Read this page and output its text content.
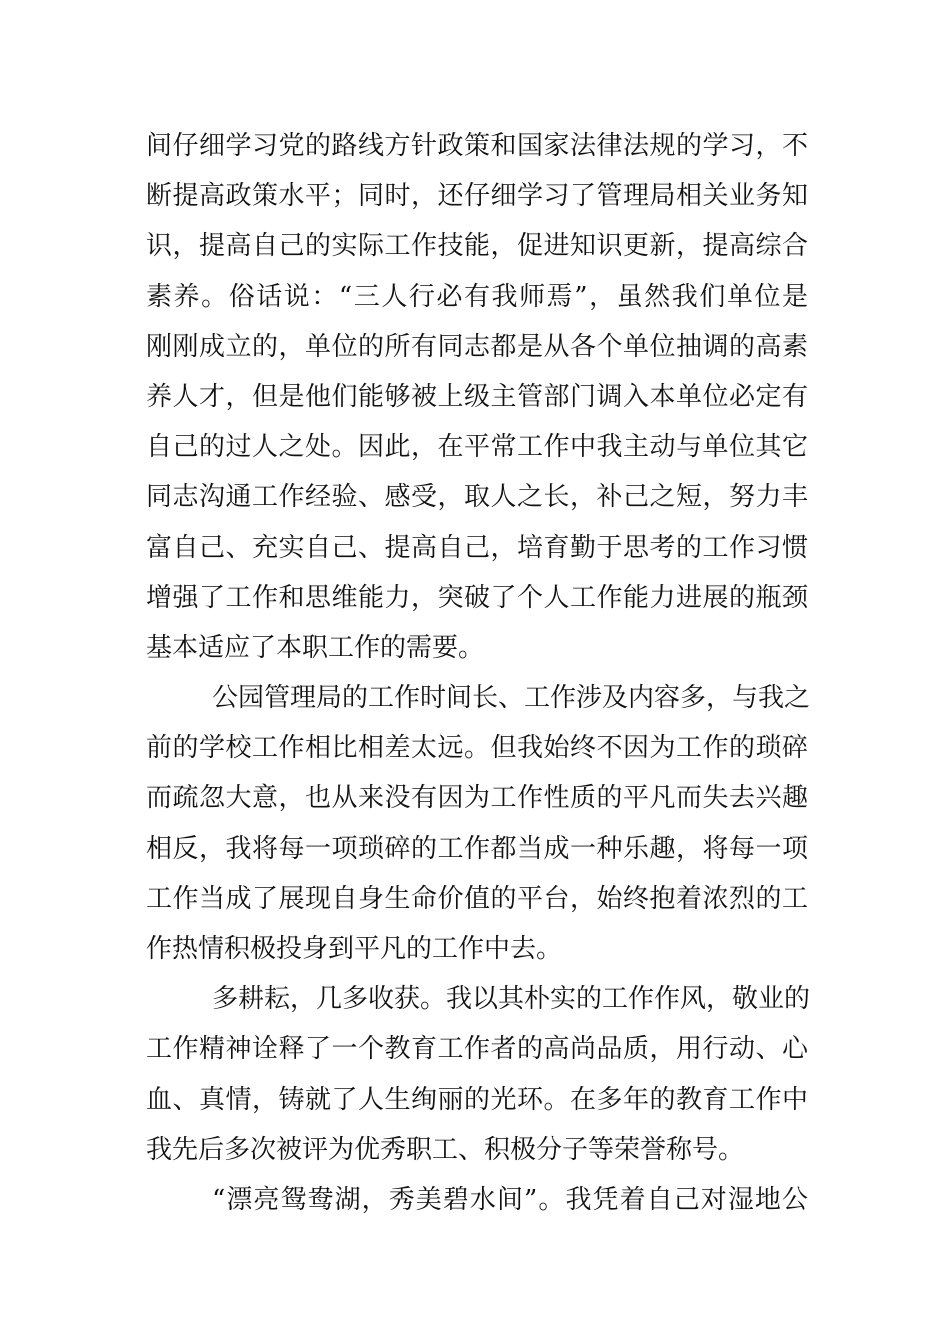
间仔细学习党的路线方针政策和国家法律法规的学习，不
断提高政策水平；同时，还仔细学习了管理局相关业务知
识，提高自己的实际工作技能，促进知识更新，提高综合
素养。俗话说：“三人行必有我师焉”，虽然我们单位是
刚刚成立的，单位的所有同志都是从各个单位抽调的高素
养人才，但是他们能够被上级主管部门调入本单位必定有
自己的过人之处。因此，在平常工作中我主动与单位其它
同志沟通工作经验、感受，取人之长，补己之短，努力丰
富自己、充实自己、提高自己，培育勤于思考的工作习惯
增强了工作和思维能力，突破了个人工作能力进展的瓶颈
基本适应了本职工作的需要。
公园管理局的工作时间长、工作涉及内容多，与我之
前的学校工作相比相差太远。但我始终不因为工作的琐碎
而疏忽大意，也从来没有因为工作性质的平凡而失去兴趣
相反，我将每一项琐碎的工作都当成一种乐趣，将每一项
工作当成了展现自身生命价值的平台，始终抱着浓烈的工
作热情积极投身到平凡的工作中去。
多耕耘，几多收获。我以其朴实的工作作风，敬业的
工作精神诠释了一个教育工作者的高尚品质，用行动、心
血、真情，铸就了人生绚丽的光环。在多年的教育工作中
我先后多次被评为优秀职工、积极分子等荣誉称号。
“漂亮鸳鸯湖，秀美碧水间”。我凭着自己对湿地公
